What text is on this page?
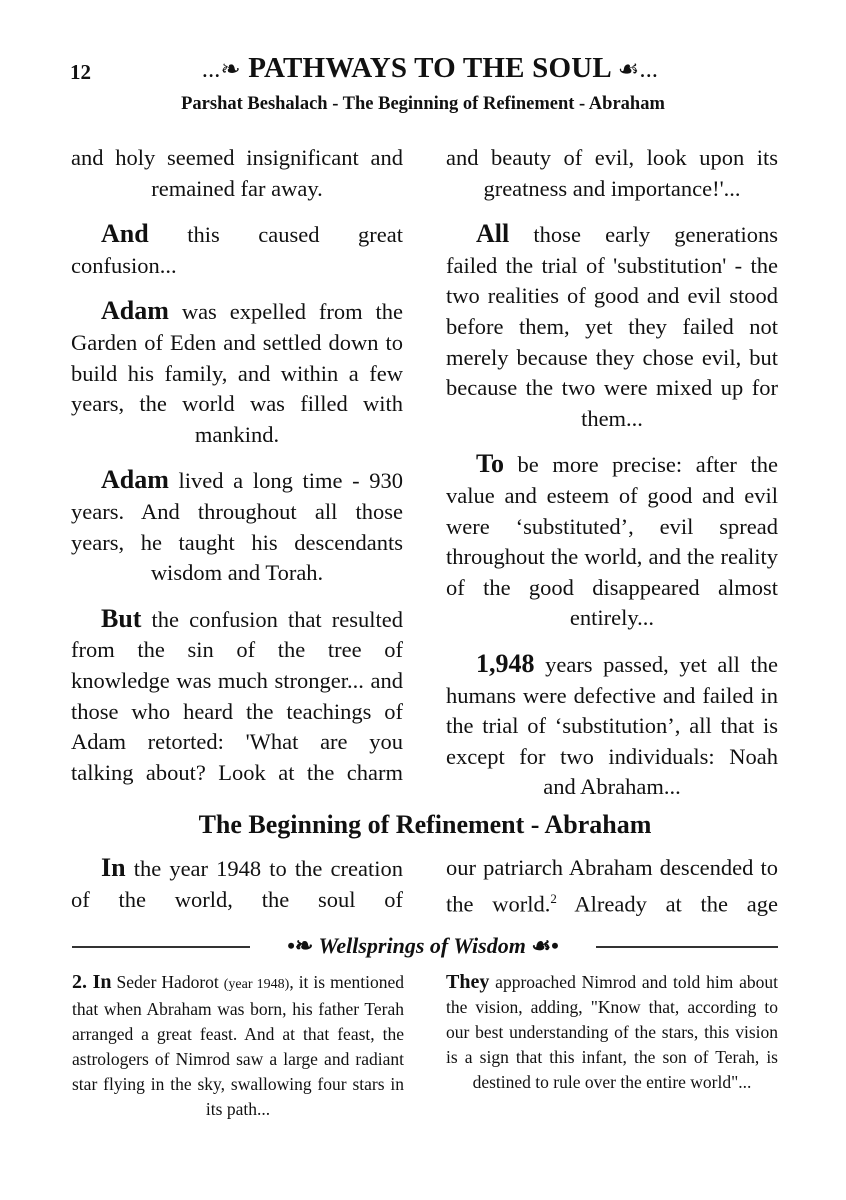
12	...❧ PATHWAYS TO THE SOUL ☙...
Parshat Beshalach - The Beginning of Refinement - Abraham

and holy seemed insignificant and remained far away.

And this caused great confusion...

Adam was expelled from the Garden of Eden and settled down to build his family, and within a few years, the world was filled with mankind.

Adam lived a long time - 930 years. And throughout all those years, he taught his descendants wisdom and Torah.

But the confusion that resulted from the sin of the tree of knowledge was much stronger... and those who heard the teachings of Adam retorted: 'What are you talking about? Look at the charm

and beauty of evil, look upon its greatness and importance!'...

All those early generations failed the trial of 'substitution' - the two realities of good and evil stood before them, yet they failed not merely because they chose evil, but because the two were mixed up for them...

To be more precise: after the value and esteem of good and evil were ‘substituted’, evil spread throughout the world, and the reality of the good disappeared almost entirely...

1,948 years passed, yet all the humans were defective and failed in the trial of ‘substitution’, all that is except for two individuals: Noah and Abraham...

The Beginning of Refinement - Abraham

In the year 1948 to the creation of the world, the soul of

our patriarch Abraham descended to the world.$^2$ Already at the age

•❧ Wellsprings of Wisdom ☙•

2. In Seder Hadorot (year 1948), it is mentioned that when Abraham was born, his father Terah arranged a great feast. And at that feast, the astrologers of Nimrod saw a large and radiant star flying in the sky, swallowing four stars in its path...

They approached Nimrod and told him about the vision, adding, "Know that, according to our best understanding of the stars, this vision is a sign that this infant, the son of Terah, is destined to rule over the entire world"...
